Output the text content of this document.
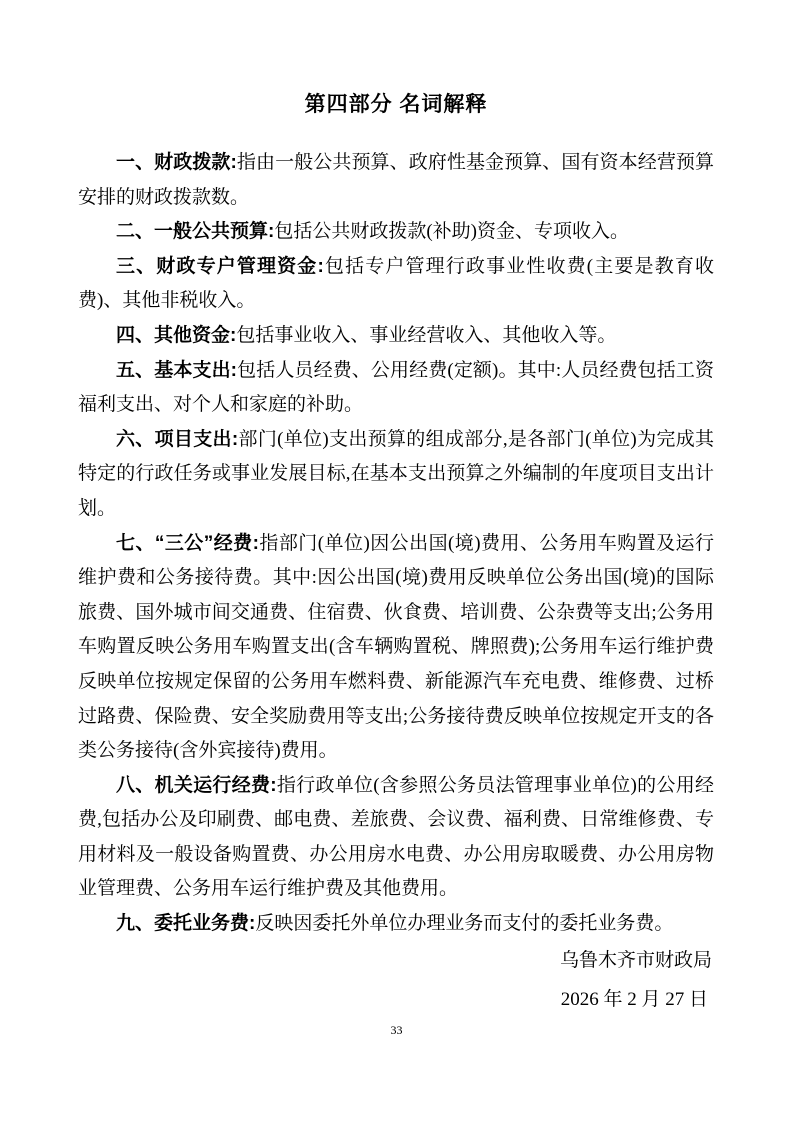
第四部分 名词解释

一、财政拨款:指由一般公共预算、政府性基金预算、国有资本经营预算安排的财政拨款数。

二、一般公共预算:包括公共财政拨款(补助)资金、专项收入。

三、财政专户管理资金:包括专户管理行政事业性收费(主要是教育收费)、其他非税收入。

四、其他资金:包括事业收入、事业经营收入、其他收入等。

五、基本支出:包括人员经费、公用经费(定额)。其中:人员经费包括工资福利支出、对个人和家庭的补助。

六、项目支出:部门(单位)支出预算的组成部分,是各部门(单位)为完成其特定的行政任务或事业发展目标,在基本支出预算之外编制的年度项目支出计划。

七、“三公”经费:指部门(单位)因公出国(境)费用、公务用车购置及运行维护费和公务接待费。其中:因公出国(境)费用反映单位公务出国(境)的国际旅费、国外城市间交通费、住宿费、伙食费、培训费、公杂费等支出;公务用车购置反映公务用车购置支出(含车辆购置税、牌照费);公务用车运行维护费反映单位按规定保留的公务用车燃料费、新能源汽车充电费、维修费、过桥过路费、保险费、安全奖励费用等支出;公务接待费反映单位按规定开支的各类公务接待(含外宾接待)费用。

八、机关运行经费:指行政单位(含参照公务员法管理事业单位)的公用经费,包括办公及印刷费、邮电费、差旅费、会议费、福利费、日常维修费、专用材料及一般设备购置费、办公用房水电费、办公用房取暖费、办公用房物业管理费、公务用车运行维护费及其他费用。

九、委托业务费:反映因委托外单位办理业务而支付的委托业务费。

乌鲁木齐市财政局

2026 年 2 月 27 日

33
